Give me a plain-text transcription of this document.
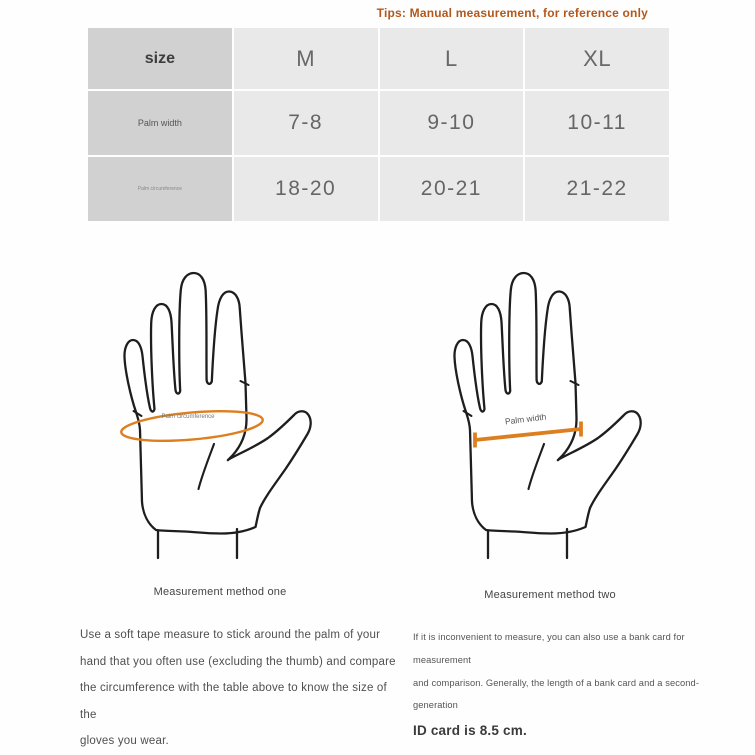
Tips: Manual measurement, for reference only
size	M	L	XL
Palm width	7-8	9-10	10-11
Palm circumference	18-20	20-21	21-22
Palm circumference	Palm width
Measurement method one	Measurement method two
Use a soft tape measure to stick around the palm of your
hand that you often use (excluding the thumb) and compare
the circumference with the table above to know the size of the
gloves you wear.
If it is inconvenient to measure, you can also use a bank card for measurement
and comparison. Generally, the length of a bank card and a second-generation
ID card is 8.5 cm.
